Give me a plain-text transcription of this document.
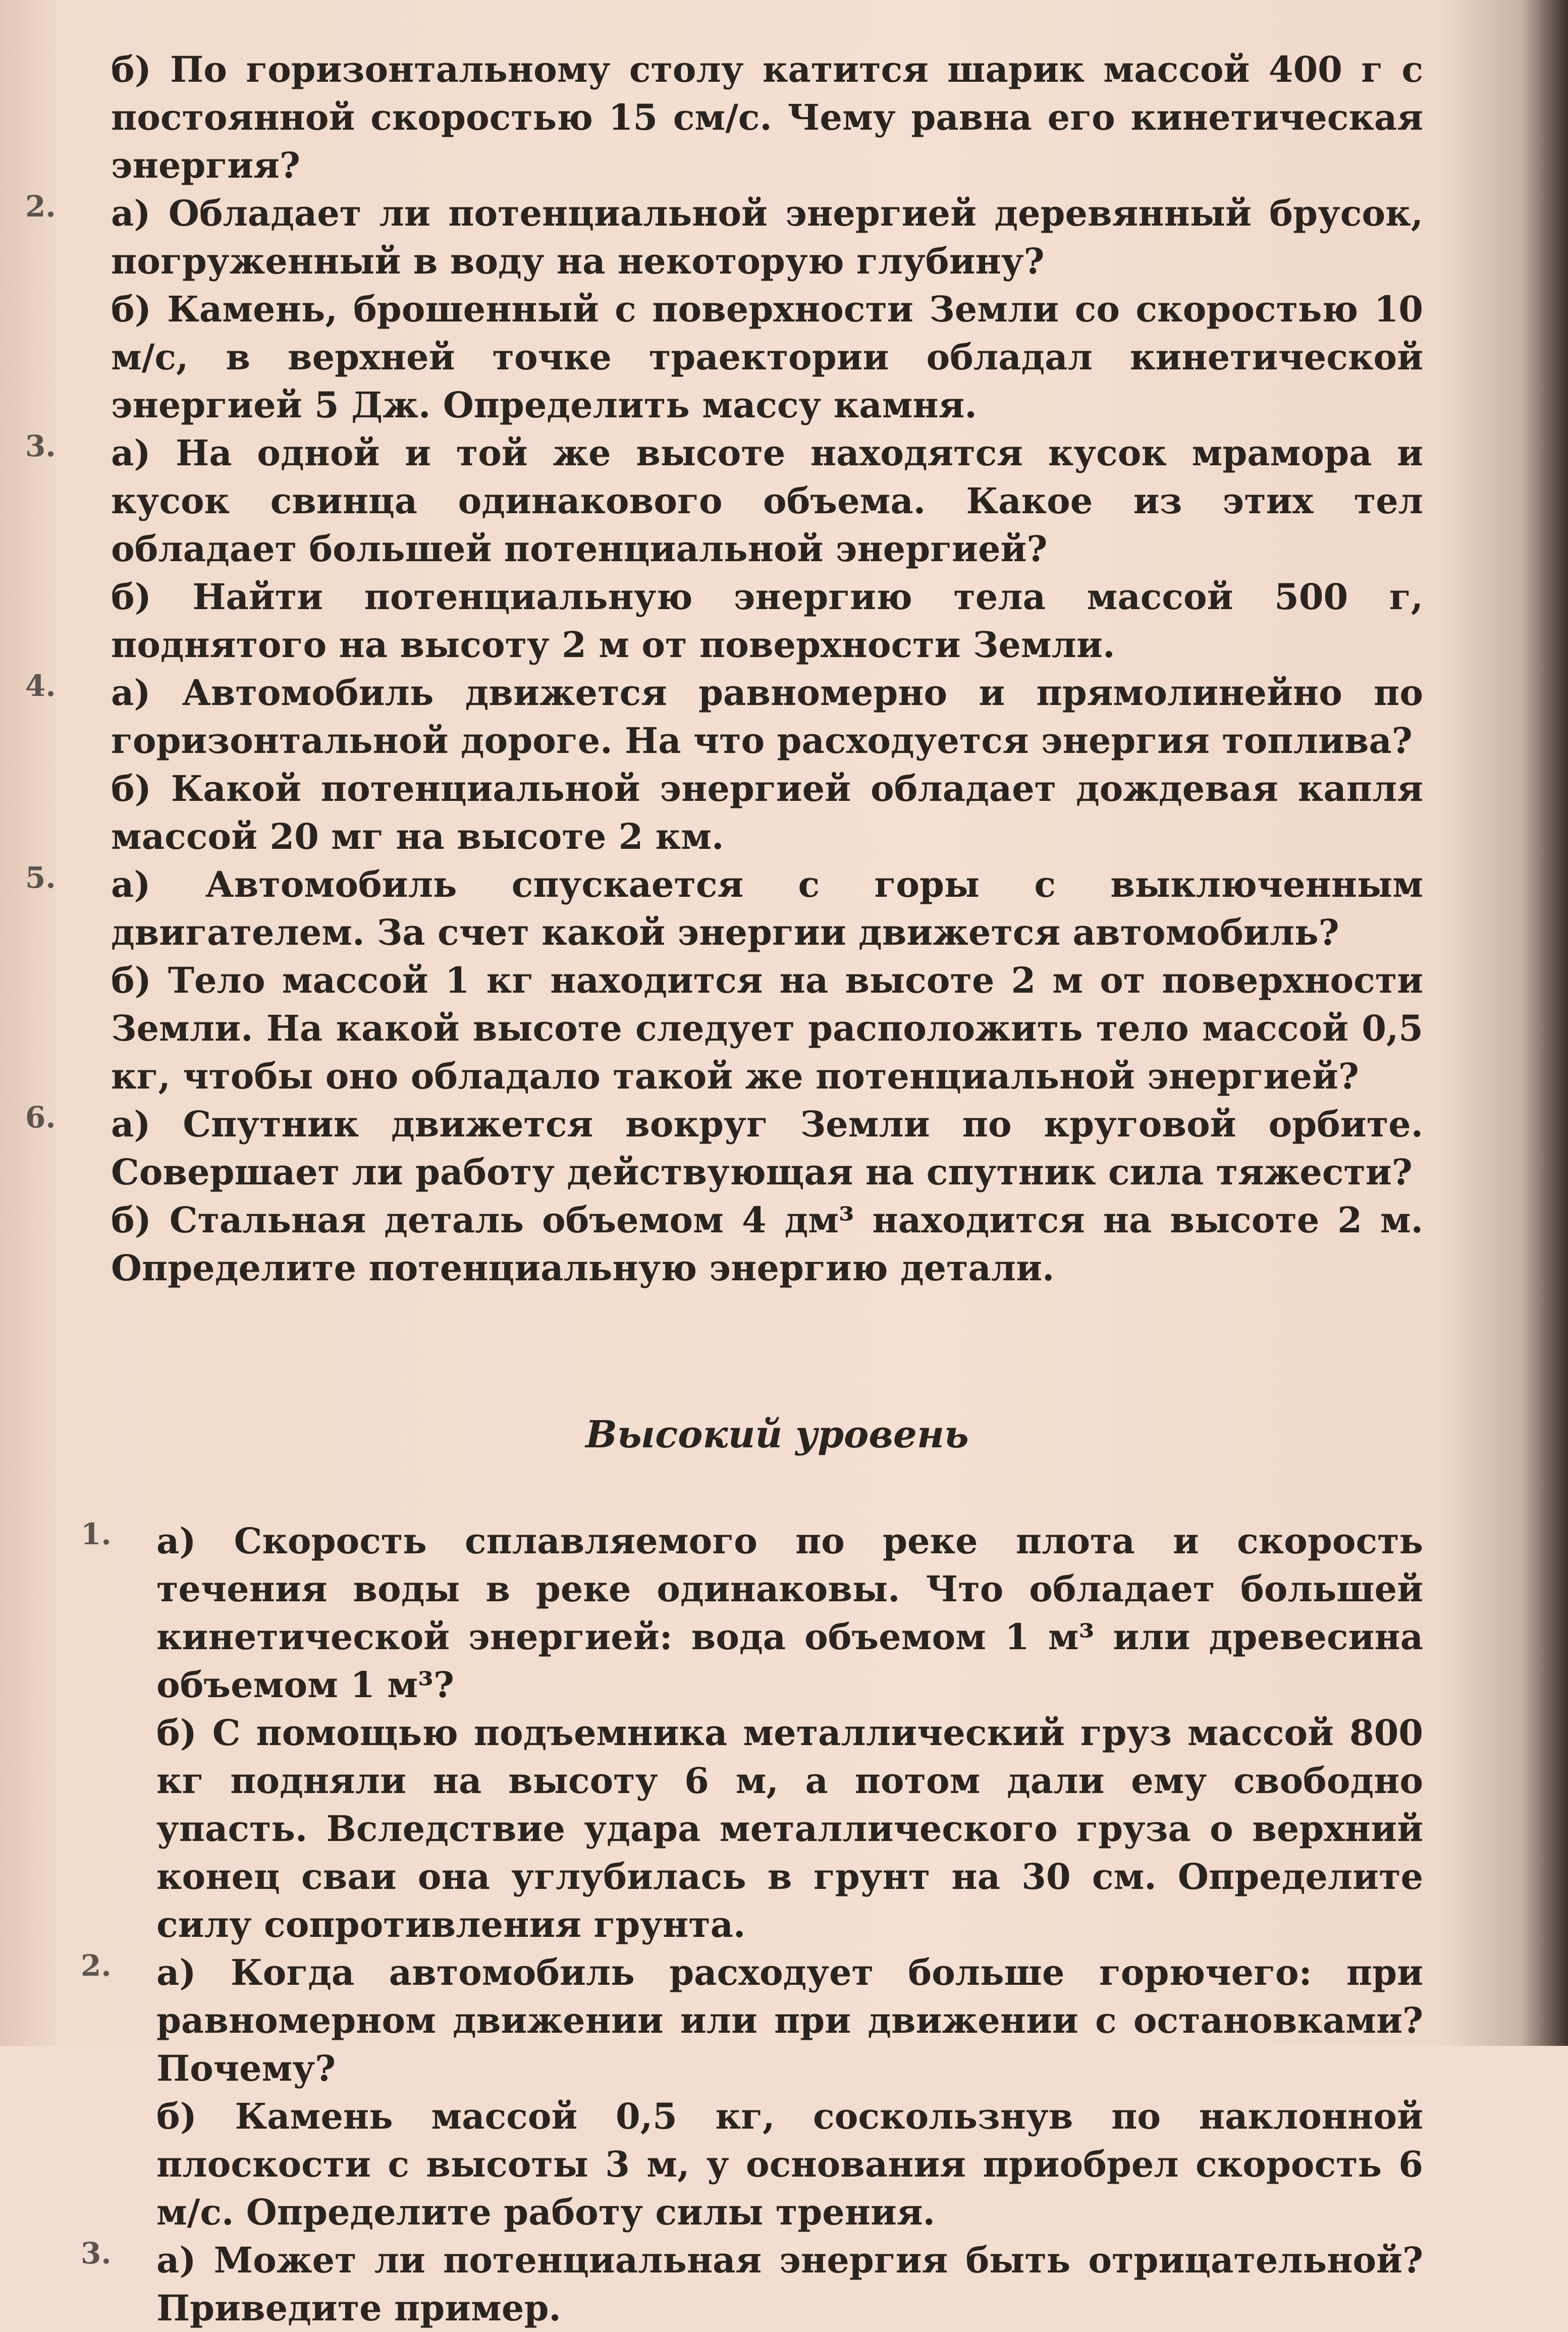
б) По горизонтальному столу катится шарик массой 400 г с постоянной скоростью 15 см/с. Чему равна его кинетическая энергия?

2. а) Обладает ли потенциальной энергией деревянный брусок, погруженный в воду на некоторую глубину?

б) Камень, брошенный с поверхности Земли со скоростью 10 м/с, в верхней точке траектории обладал кинетической энергией 5 Дж. Определить массу камня.

3. а) На одной и той же высоте находятся кусок мрамора и кусок свинца одинакового объема. Какое из этих тел обладает большей потенциальной энергией?

б) Найти потенциальную энергию тела массой 500 г, поднятого на высоту 2 м от поверхности Земли.

4. а) Автомобиль движется равномерно и прямолинейно по горизонтальной дороге. На что расходуется энергия топлива?

б) Какой потенциальной энергией обладает дождевая капля массой 20 мг на высоте 2 км.

5. а) Автомобиль спускается с горы с выключенным двигателем. За счет какой энергии движется автомобиль?

б) Тело массой 1 кг находится на высоте 2 м от поверхности Земли. На какой высоте следует расположить тело массой 0,5 кг, чтобы оно обладало такой же потенциальной энергией?

6. а) Спутник движется вокруг Земли по круговой орбите. Совершает ли работу действующая на спутник сила тяжести?

б) Стальная деталь объемом 4 дм³ находится на высоте 2 м. Определите потенциальную энергию детали.

Высокий уровень
1. а) Скорость сплавляемого по реке плота и скорость течения воды в реке одинаковы. Что обладает большей кинетической энергией: вода объемом 1 м³ или древесина объемом 1 м³?

б) С помощью подъемника металлический груз массой 800 кг подняли на высоту 6 м, а потом дали ему свободно упасть. Вследствие удара металлического груза о верхний конец сваи она углубилась в грунт на 30 см. Определите силу сопротивления грунта.

2. а) Когда автомобиль расходует больше горючего: при равномерном движении или при движении с остановками? Почему?

б) Камень массой 0,5 кг, соскользнув по наклонной плоскости с высоты 3 м, у основания приобрел скорость 6 м/с. Определите работу силы трения.

3. а) Может ли потенциальная энергия быть отрицательной? Приведите пример.
